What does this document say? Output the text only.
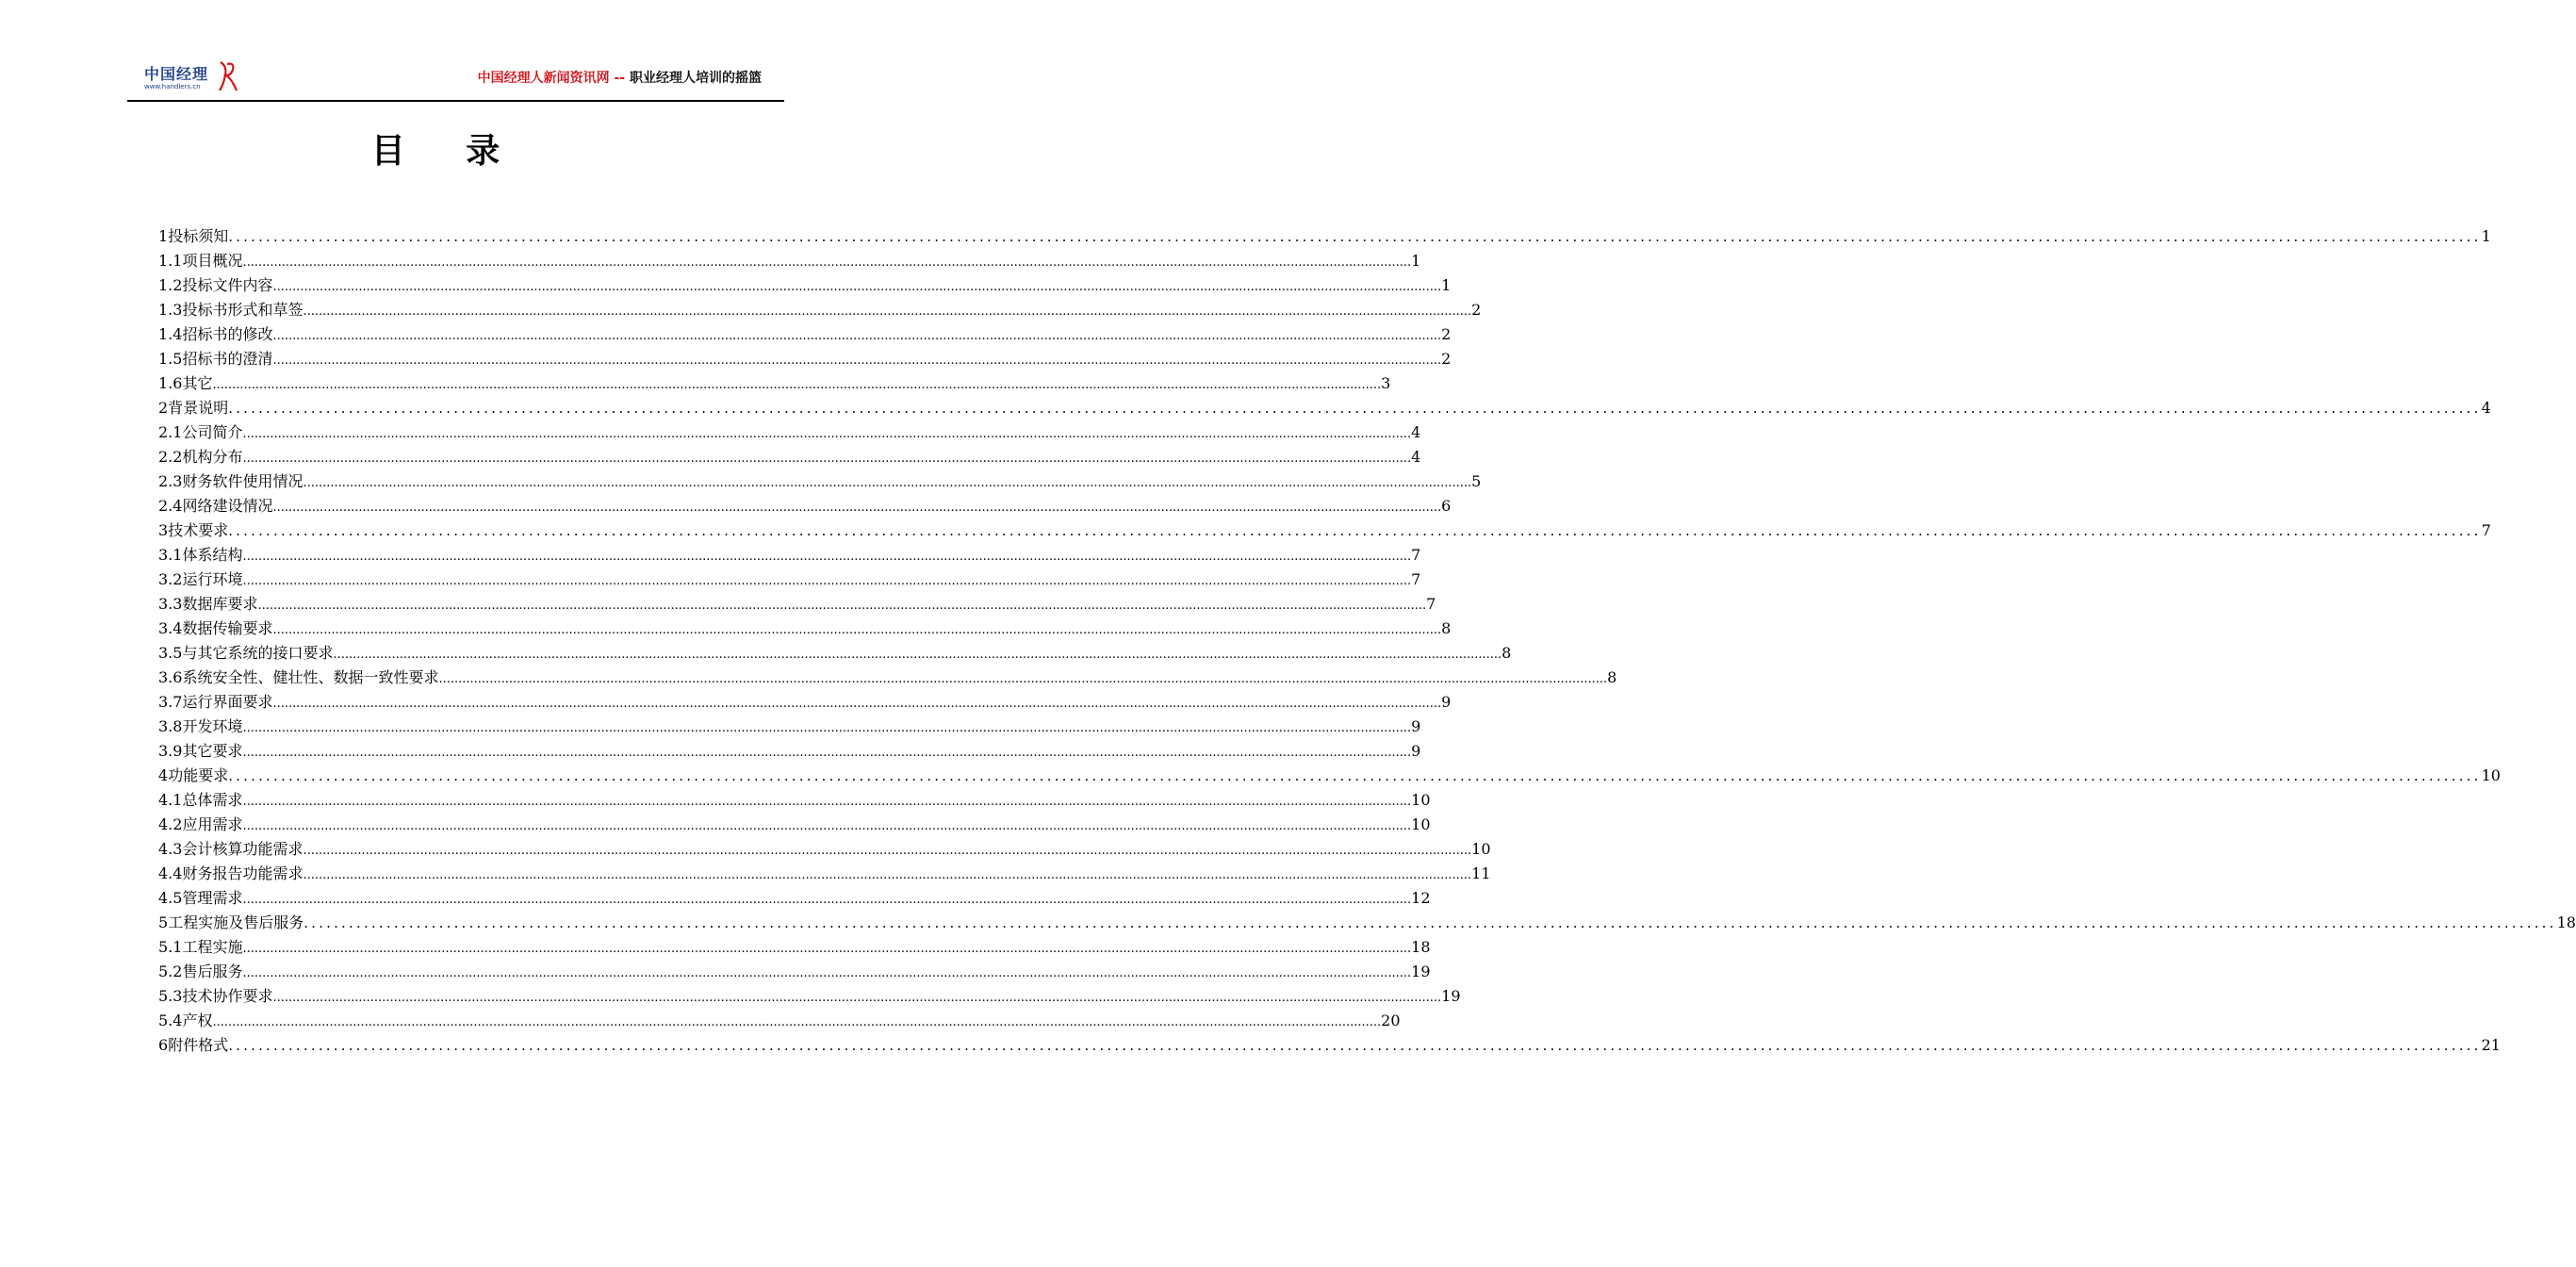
中国经理
www.handlers.cn
中国经理人新闻资讯网 -- 职业经理人培训的摇篮
目 录
1 投标须知 ............................................................................................................................................................................................................................................................................................................ 1
1.1 项目概况 ............................................................................................................................................................................................................................................................................................................ 1
1.2 投标文件内容 ............................................................................................................................................................................................................................................................................................................ 1
1.3 投标书形式和草签 ............................................................................................................................................................................................................................................................................................................ 2
1.4 招标书的修改 ............................................................................................................................................................................................................................................................................................................ 2
1.5 招标书的澄清 ............................................................................................................................................................................................................................................................................................................ 2
1.6 其它 ............................................................................................................................................................................................................................................................................................................ 3
2 背景说明 ............................................................................................................................................................................................................................................................................................................ 4
2.1 公司简介 ............................................................................................................................................................................................................................................................................................................ 4
2.2 机构分布 ............................................................................................................................................................................................................................................................................................................ 4
2.3 财务软件使用情况 ............................................................................................................................................................................................................................................................................................................ 5
2.4 网络建设情况 ............................................................................................................................................................................................................................................................................................................ 6
3 技术要求 ............................................................................................................................................................................................................................................................................................................ 7
3.1 体系结构 ............................................................................................................................................................................................................................................................................................................ 7
3.2 运行环境 ............................................................................................................................................................................................................................................................................................................ 7
3.3 数据库要求 ............................................................................................................................................................................................................................................................................................................ 7
3.4 数据传输要求 ............................................................................................................................................................................................................................................................................................................ 8
3.5 与其它系统的接口要求 ............................................................................................................................................................................................................................................................................................................ 8
3.6 系统安全性、健壮性、数据一致性要求 ............................................................................................................................................................................................................................................................................................................ 8
3.7 运行界面要求 ............................................................................................................................................................................................................................................................................................................ 9
3.8 开发环境 ............................................................................................................................................................................................................................................................................................................ 9
3.9 其它要求 ............................................................................................................................................................................................................................................................................................................ 9
4 功能要求 ............................................................................................................................................................................................................................................................................................................ 10
4.1 总体需求 ............................................................................................................................................................................................................................................................................................................ 10
4.2 应用需求 ............................................................................................................................................................................................................................................................................................................ 10
4.3 会计核算功能需求 ............................................................................................................................................................................................................................................................................................................ 10
4.4 财务报告功能需求 ............................................................................................................................................................................................................................................................................................................ 11
4.5 管理需求 ............................................................................................................................................................................................................................................................................................................ 12
5 工程实施及售后服务 ............................................................................................................................................................................................................................................................................................................ 18
5.1 工程实施 ............................................................................................................................................................................................................................................................................................................ 18
5.2 售后服务 ............................................................................................................................................................................................................................................................................................................ 19
5.3 技术协作要求 ............................................................................................................................................................................................................................................................................................................ 19
5.4 产权 ............................................................................................................................................................................................................................................................................................................ 20
6 附件格式 ............................................................................................................................................................................................................................................................................................................ 21
